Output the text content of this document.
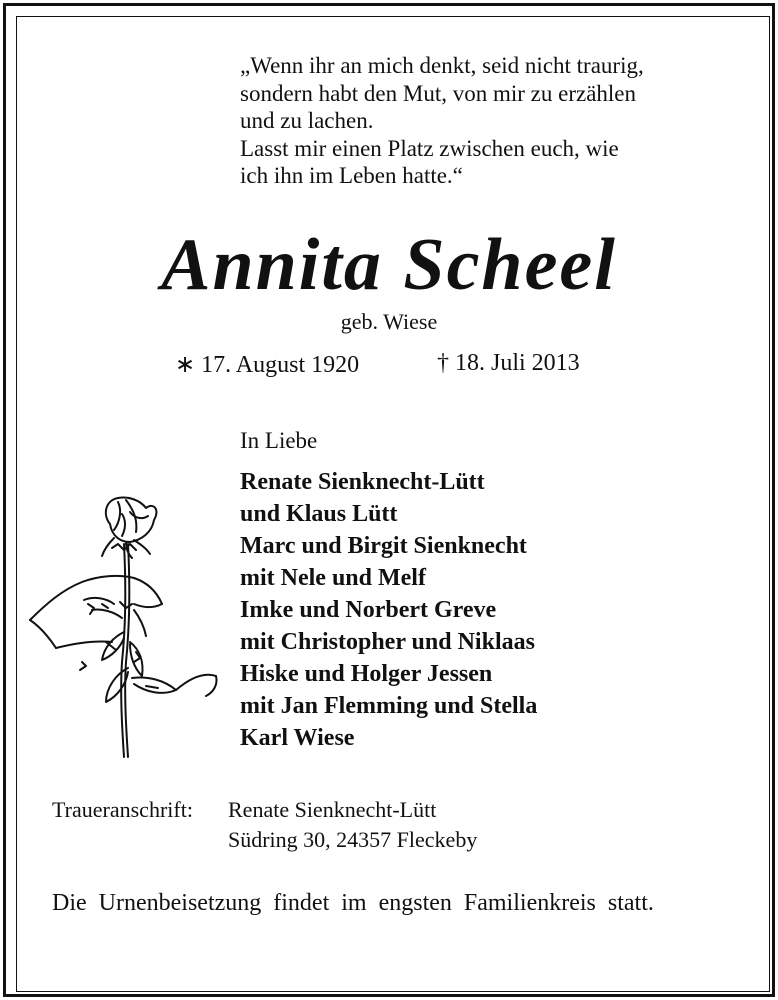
„Wenn ihr an mich denkt, seid nicht traurig,
sondern habt den Mut, von mir zu erzählen
und zu lachen.
Lasst mir einen Platz zwischen euch, wie
ich ihn im Leben hatte.“
Annita Scheel
geb. Wiese
∗ 17. August 1920	† 18. Juli 2013
In Liebe
Renate Sienknecht-Lütt
und Klaus Lütt
Marc und Birgit Sienknecht
mit Nele und Melf
Imke und Norbert Greve
mit Christopher und Niklaas
Hiske und Holger Jessen
mit Jan Flemming und Stella
Karl Wiese
Traueranschrift: Renate Sienknecht-Lütt
Südring 30, 24357 Fleckeby
Die Urnenbeisetzung findet im engsten Familienkreis statt.
